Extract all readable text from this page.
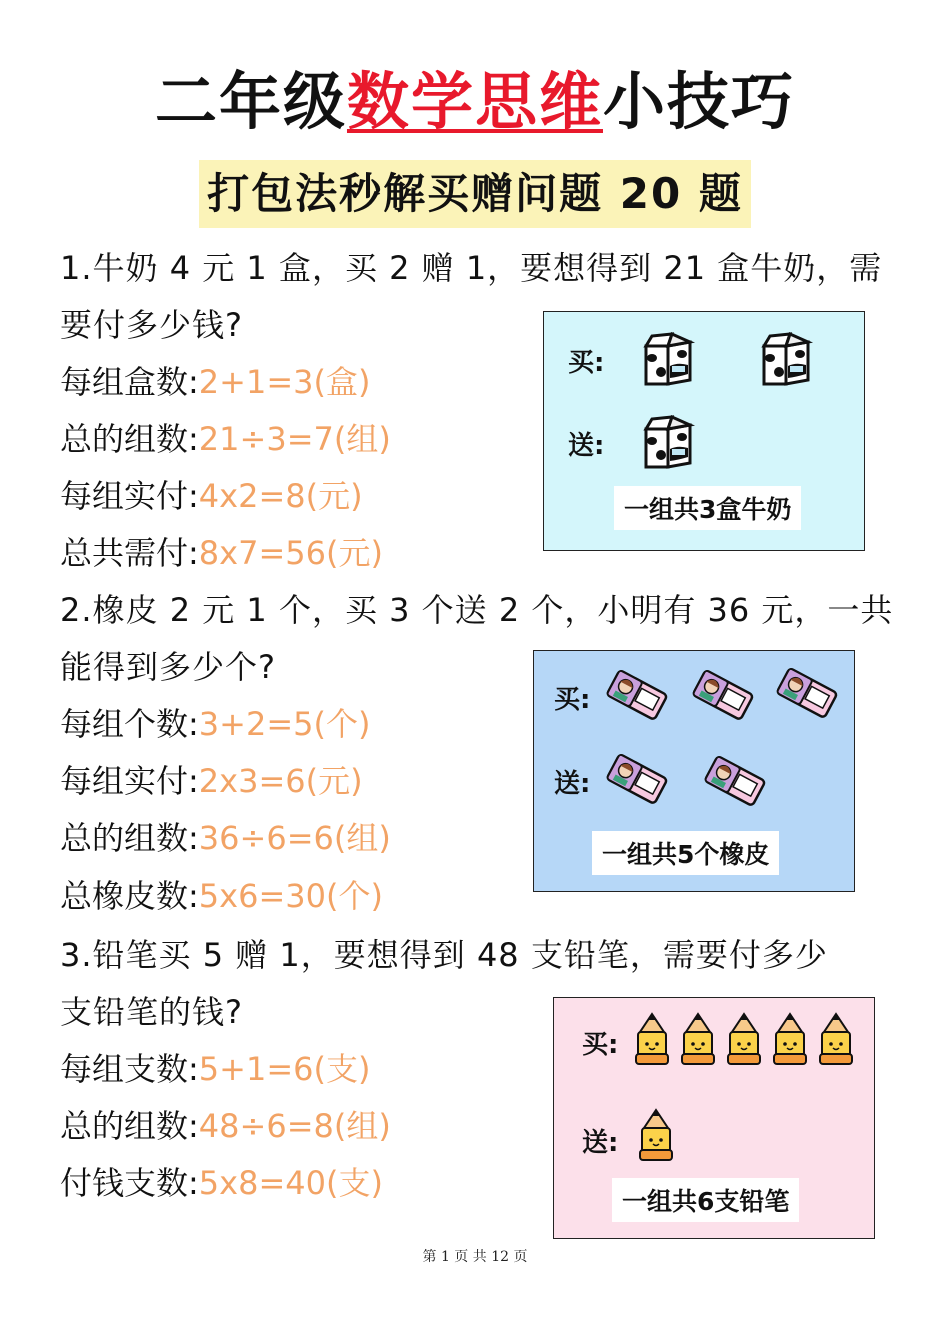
二年级数学思维小技巧
打包法秒解买赠问题 20 题
1.牛奶 4 元 1 盒，买 2 赠 1，要想得到 21 盒牛奶，需
要付多少钱?
每组盒数:2+1=3(盒)
总的组数:21÷3=7(组)
每组实付:4x2=8(元)
总共需付:8x7=56(元)
买:
送:
一组共3盒牛奶
2.橡皮 2 元 1 个，买 3 个送 2 个，小明有 36 元，一共
能得到多少个?
每组个数:3+2=5(个)
每组实付:2x3=6(元)
总的组数:36÷6=6(组)
总橡皮数:5x6=30(个)
买:
送:
一组共5个橡皮
3.铅笔买 5 赠 1，要想得到 48 支铅笔，需要付多少
支铅笔的钱?
每组支数:5+1=6(支)
总的组数:48÷6=8(组)
付钱支数:5x8=40(支)
买:
送:
一组共6支铅笔
第 1 页 共 12 页
